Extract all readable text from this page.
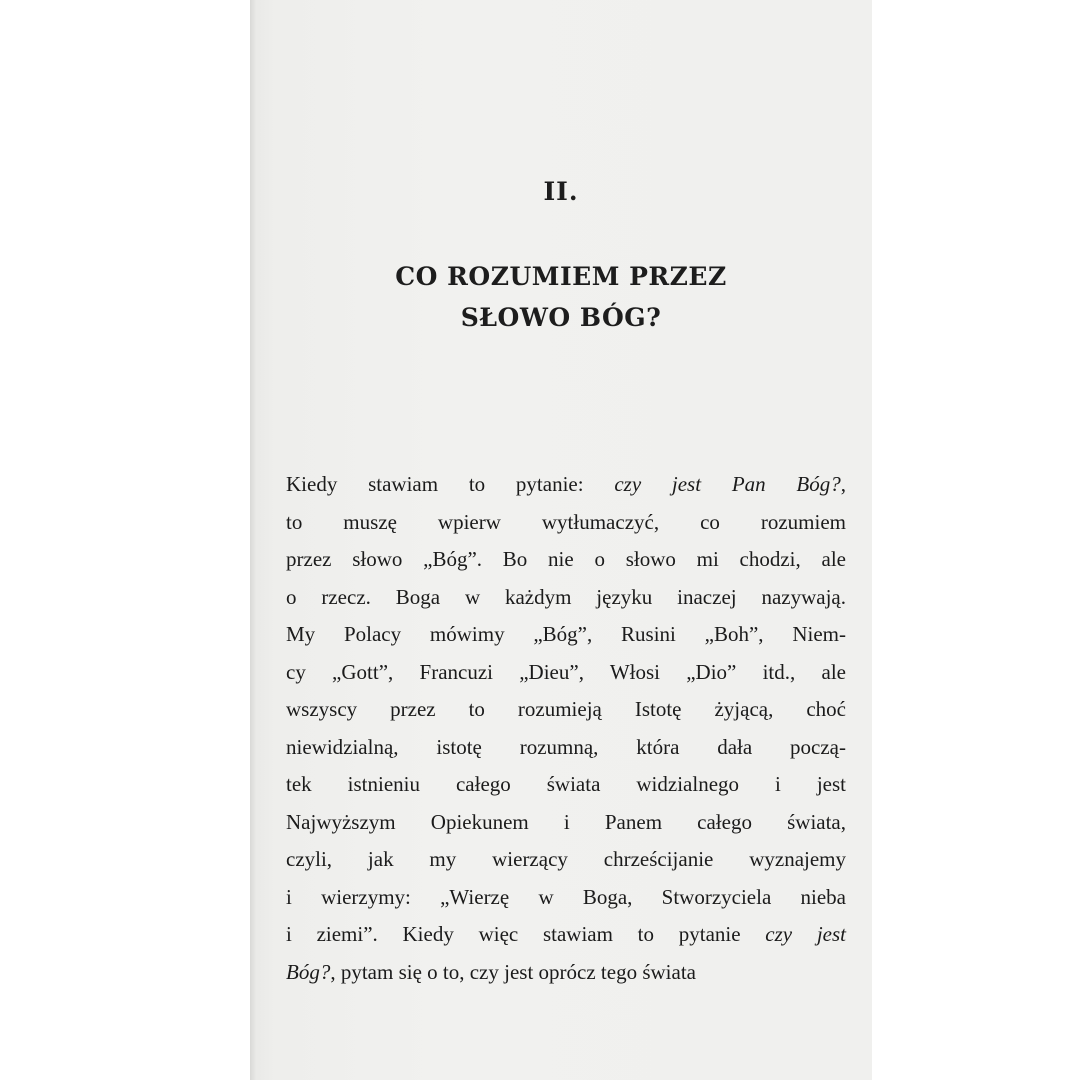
II.
CO ROZUMIEM PRZEZ
SŁOWO BÓG?

Kiedy stawiam to pytanie: czy jest Pan Bóg?,
to muszę wpierw wytłumaczyć, co rozumiem
przez słowo „Bóg”. Bo nie o słowo mi chodzi, ale
o rzecz. Boga w każdym języku inaczej nazywają.
My Polacy mówimy „Bóg”, Rusini „Boh”, Niem-
cy „Gott”, Francuzi „Dieu”, Włosi „Dio” itd., ale
wszyscy przez to rozumieją Istotę żyjącą, choć
niewidzialną, istotę rozumną, która dała począ-
tek istnieniu całego świata widzialnego i jest
Najwyższym Opiekunem i Panem całego świata,
czyli, jak my wierzący chrześcijanie wyznajemy
i wierzymy: „Wierzę w Boga, Stworzyciela nieba
i ziemi”. Kiedy więc stawiam to pytanie czy jest
Bóg?, pytam się o to, czy jest oprócz tego świata
